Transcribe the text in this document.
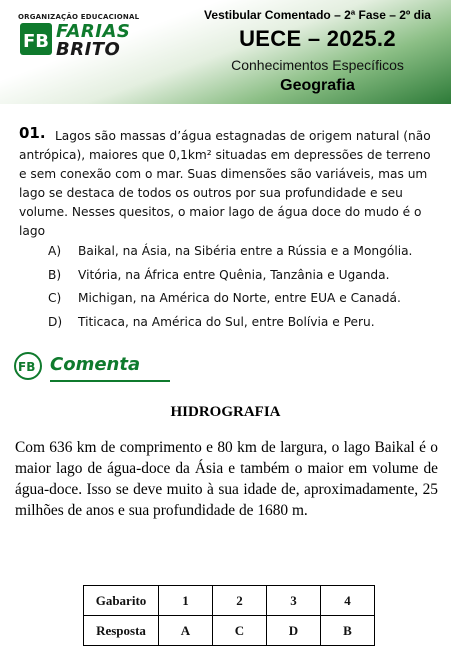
ORGANIZAÇÃO EDUCACIONAL
FB FARIAS
BRITO
Vestibular Comentado – 2ª Fase – 2º dia
UECE – 2025.2
Conhecimentos Específicos
Geografia
01. Lagos são massas d’água estagnadas de origem natural (não antrópica), maiores que 0,1km² situadas em depressões de terreno e sem conexão com o mar. Suas dimensões são variáveis, mas um lago se destaca de todos os outros por sua profundidade e seu volume. Nesses quesitos, o maior lago de água doce do mudo é o lago
A)	Baikal, na Ásia, na Sibéria entre a Rússia e a Mongólia.
B)	Vitória, na África entre Quênia, Tanzânia e Uganda.
C)	Michigan, na América do Norte, entre EUA e Canadá.
D)	Titicaca, na América do Sul, entre Bolívia e Peru.
FB Comenta
HIDROGRAFIA
Com 636 km de comprimento e 80 km de largura, o lago Baikal é o maior lago de água-doce da Ásia e também o maior em volume de água-doce. Isso se deve muito à sua idade de, aproximadamente, 25 milhões de anos e sua profundidade de 1680 m.
Gabarito	1	2	3	4
Resposta	A	C	D	B
